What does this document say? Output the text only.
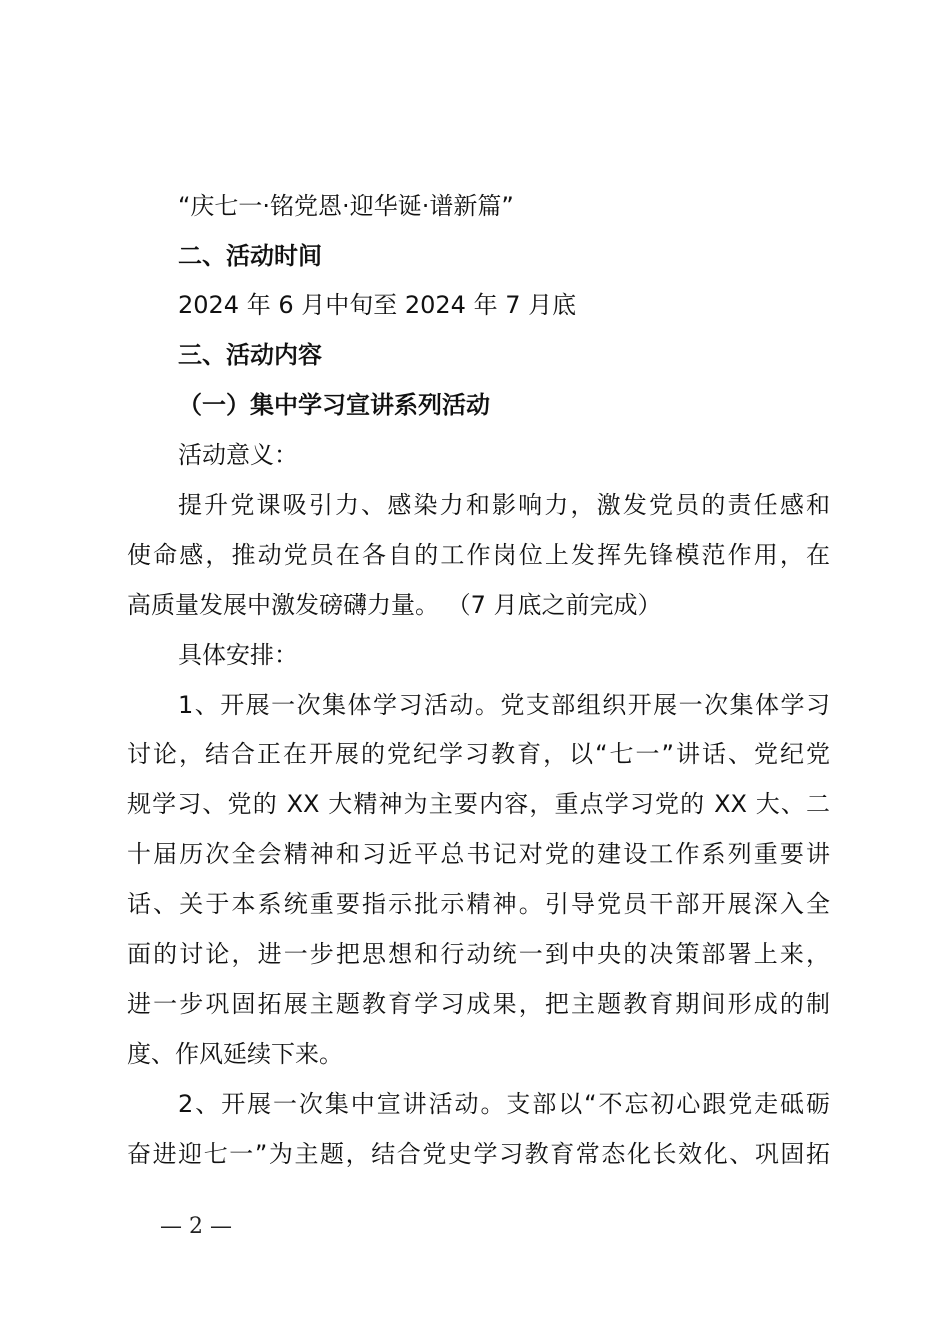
“庆七一·铭党恩·迎华诞·谱新篇”
二、活动时间
2024 年 6 月中旬至 2024 年 7 月底
三、活动内容
（一）集中学习宣讲系列活动
活动意义：
提升党课吸引力、感染力和影响力，激发党员的责任感和
使命感，推动党员在各自的工作岗位上发挥先锋模范作用，在
高质量发展中激发磅礴力量。 （7 月底之前完成）
具体安排：
1、开展一次集体学习活动。党支部组织开展一次集体学习
讨论，结合正在开展的党纪学习教育，以“七一”讲话、党纪党
规学习、党的 XX 大精神为主要内容，重点学习党的 XX 大、二
十届历次全会精神和习近平总书记对党的建设工作系列重要讲
话、关于本系统重要指示批示精神。引导党员干部开展深入全
面的讨论，进一步把思想和行动统一到中央的决策部署上来，
进一步巩固拓展主题教育学习成果，把主题教育期间形成的制
度、作风延续下来。
2、开展一次集中宣讲活动。支部以“不忘初心跟党走砥砺
奋进迎七一”为主题，结合党史学习教育常态化长效化、巩固拓
— 2 —
